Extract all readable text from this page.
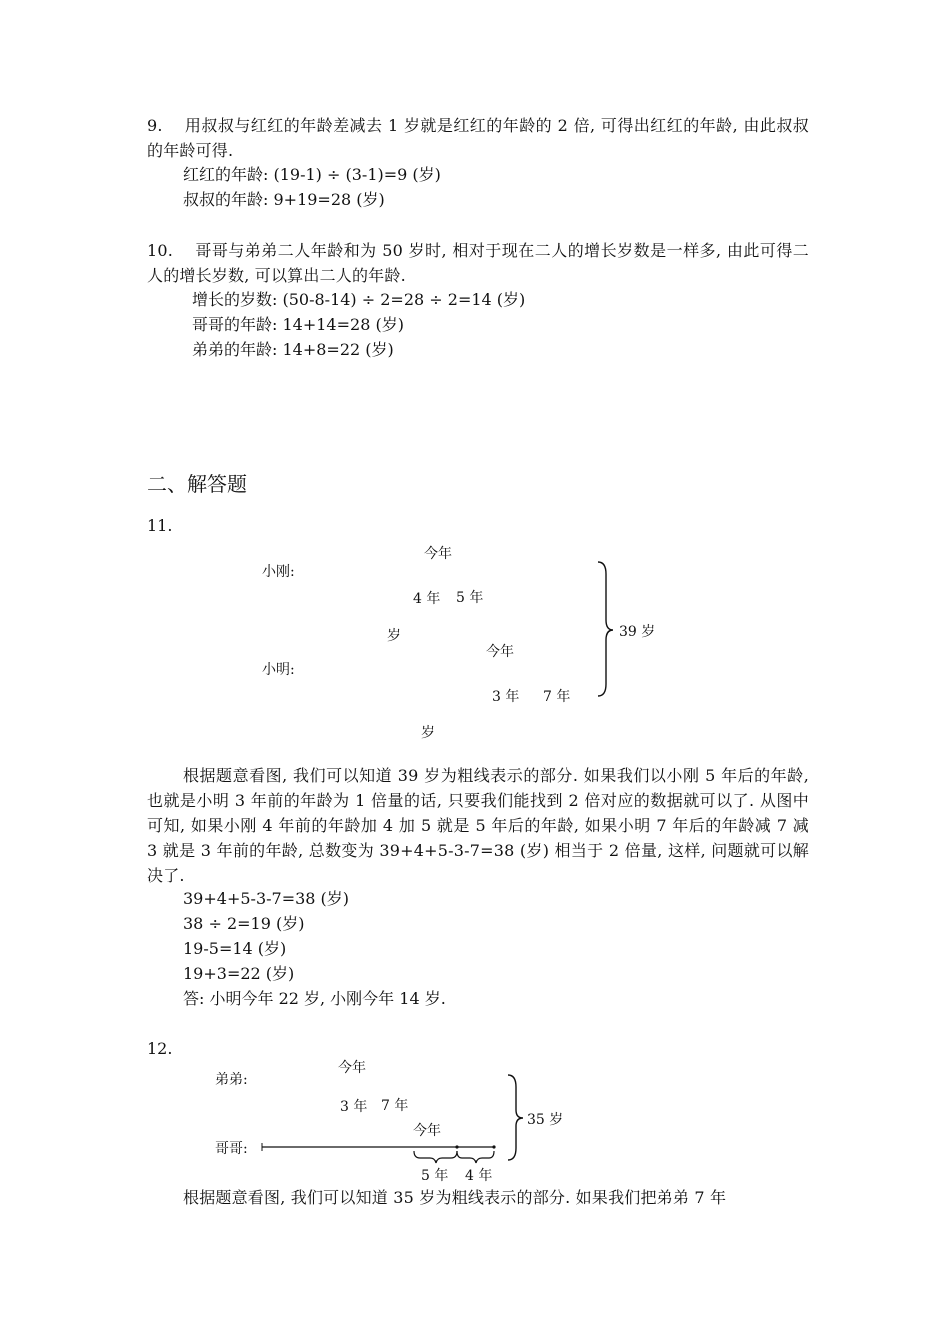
9.　 用叔叔与红红的年龄差减去 1 岁就是红红的年龄的 2 倍, 可得出红红的年龄, 由此叔叔的年龄可得.
红红的年龄: (19-1) ÷ (3-1)=9 (岁)
叔叔的年龄: 9+19=28 (岁)
10.　 哥哥与弟弟二人年龄和为 50 岁时, 相对于现在二人的增长岁数是一样多, 由此可得二人的增长岁数, 可以算出二人的年龄.
增长的岁数: (50-8-14) ÷ 2=28 ÷ 2=14 (岁)
哥哥的年龄: 14+14=28 (岁)
弟弟的年龄: 14+8=22 (岁)
二、解答题
11.
今年
小刚:
4 年 5 年
岁
今年
小明:
3 年 7 年
岁
39 岁
根据题意看图, 我们可以知道 39 岁为粗线表示的部分. 如果我们以小刚 5 年后的年龄, 也就是小明 3 年前的年龄为 1 倍量的话, 只要我们能找到 2 倍对应的数据就可以了. 从图中可知, 如果小刚 4 年前的年龄加 4 加 5 就是 5 年后的年龄, 如果小明 7 年后的年龄减 7 减 3 就是 3 年前的年龄, 总数变为 39+4+5-3-7=38 (岁) 相当于 2 倍量, 这样, 问题就可以解决了.
39+4+5-3-7=38 (岁)
38 ÷ 2=19 (岁)
19-5=14 (岁)
19+3=22 (岁)
答: 小明今年 22 岁, 小刚今年 14 岁.
12.
今年
弟弟:
3 年 7 年
今年
哥哥:
5 年 4 年
35 岁
根据题意看图, 我们可以知道 35 岁为粗线表示的部分. 如果我们把弟弟 7 年
